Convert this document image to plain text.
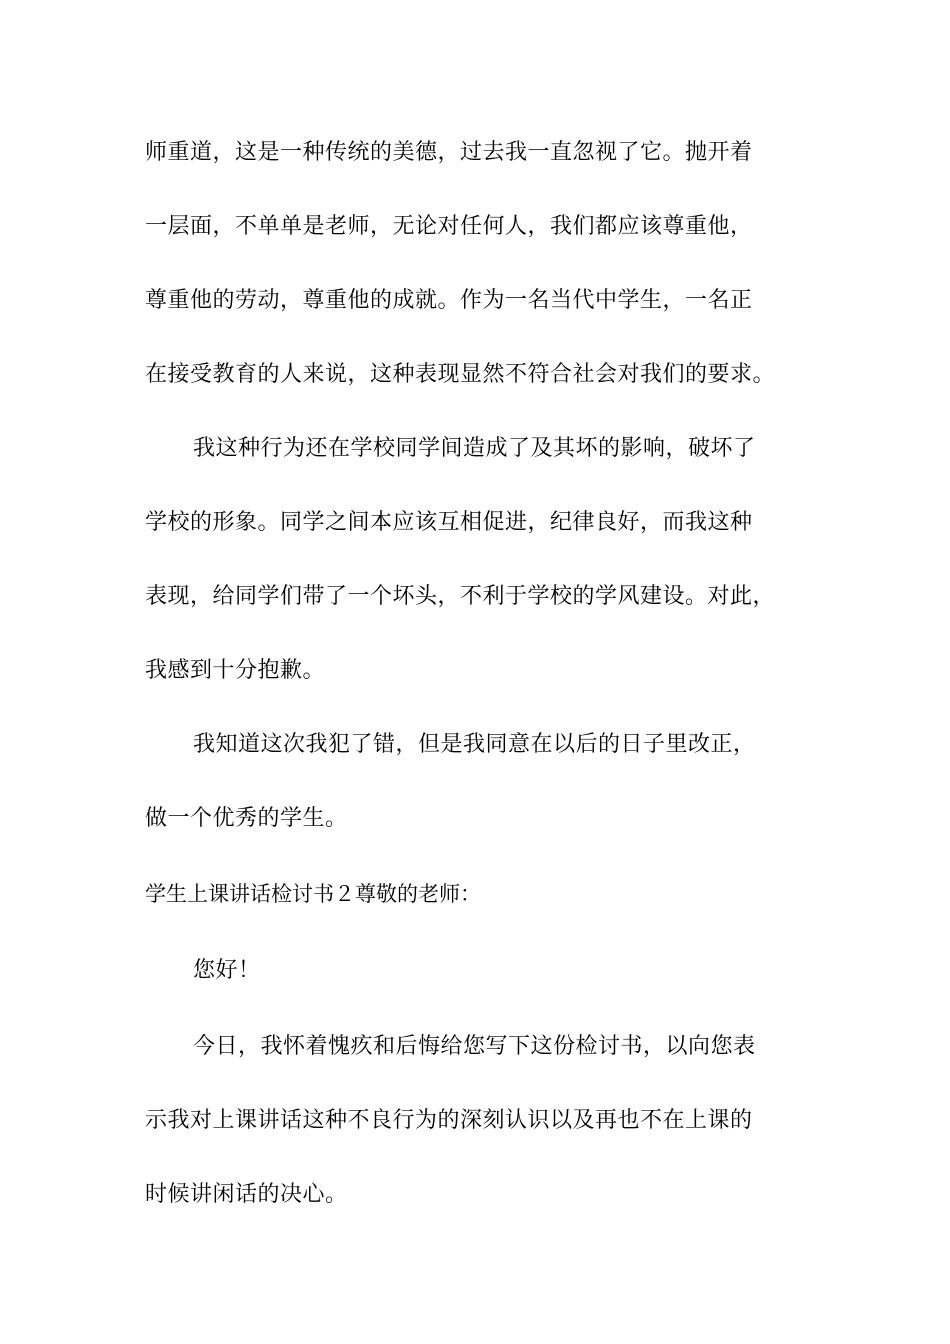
师重道，这是一种传统的美德，过去我一直忽视了它。抛开着
一层面，不单单是老师，无论对任何人，我们都应该尊重他，
尊重他的劳动，尊重他的成就。作为一名当代中学生，一名正
在接受教育的人来说，这种表现显然不符合社会对我们的要求。
我这种行为还在学校同学间造成了及其坏的影响，破坏了
学校的形象。同学之间本应该互相促进，纪律良好，而我这种
表现，给同学们带了一个坏头，不利于学校的学风建设。对此，
我感到十分抱歉。
我知道这次我犯了错，但是我同意在以后的日子里改正，
做一个优秀的学生。
学生上课讲话检讨书２尊敬的老师：
您好！
今日，我怀着愧疚和后悔给您写下这份检讨书，以向您表
示我对上课讲话这种不良行为的深刻认识以及再也不在上课的
时候讲闲话的决心。
